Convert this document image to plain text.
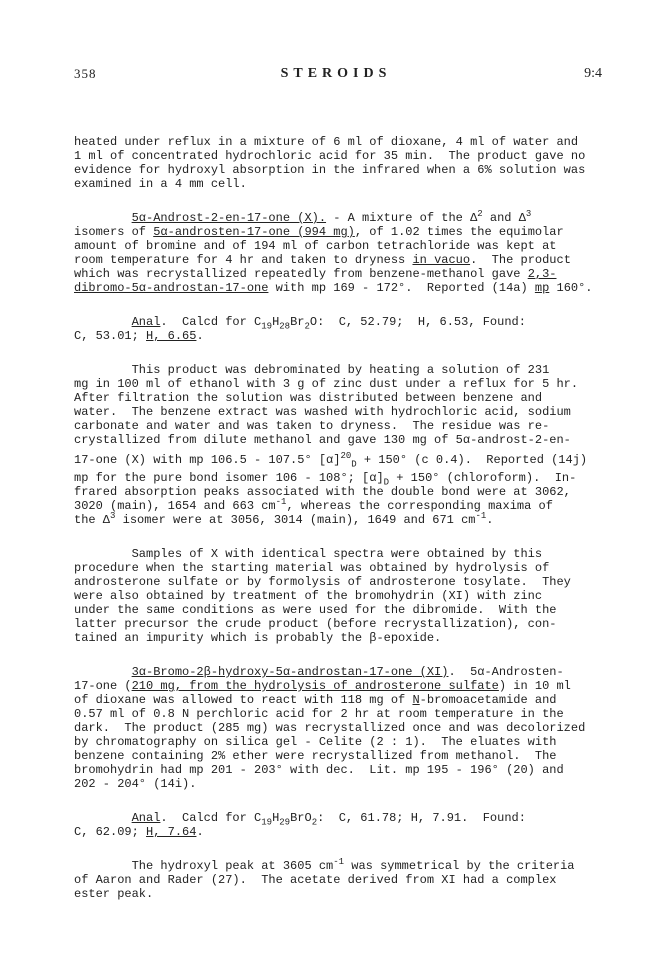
358	STEROIDS	9:4
heated under reflux in a mixture of 6 ml of dioxane, 4 ml of water and
1 ml of concentrated hydrochloric acid for 35 min.  The product gave no
evidence for hydroxyl absorption in the infrared when a 6% solution was
examined in a 4 mm cell.
5α-Androst-2-en-17-one (X). - A mixture of the $\Delta^2$ and $\Delta^3$
isomers of 5α-androsten-17-one (994 mg), of 1.02 times the equimolar
amount of bromine and of 194 ml of carbon tetrachloride was kept at
room temperature for 4 hr and taken to dryness in vacuo.  The product
which was recrystallized repeatedly from benzene-methanol gave 2,3-
dibromo-5α-androstan-17-one with mp 169 - 172°.  Reported (14a) mp 160°.
Anal.  Calcd for $C_{19}H_{28}Br_2O$:  C, 52.79;  H, 6.53, Found:
C, 53.01; H, 6.65.
This product was debrominated by heating a solution of 231
mg in 100 ml of ethanol with 3 g of zinc dust under a reflux for 5 hr.
After filtration the solution was distributed between benzene and
water.  The benzene extract was washed with hydrochloric acid, sodium
carbonate and water and was taken to dryness.  The residue was re-
crystallized from dilute methanol and gave 130 mg of 5α-androst-2-en-
17-one (X) with mp 106.5 - 107.5° $[\alpha]^{20}_D + 150^\circ$ (c 0.4).  Reported (14j)
mp for the pure bond isomer 106 - 108°; $[\alpha]_D + 150^\circ$ (chloroform).  In-
frared absorption peaks associated with the double bond were at 3062,
3020 (main), 1654 and 663 $cm^{-1}$, whereas the corresponding maxima of
the $\Delta^3$ isomer were at 3056, 3014 (main), 1649 and 671 $cm^{-1}$.
Samples of X with identical spectra were obtained by this
procedure when the starting material was obtained by hydrolysis of
androsterone sulfate or by formolysis of androsterone tosylate.  They
were also obtained by treatment of the bromohydrin (XI) with zinc
under the same conditions as were used for the dibromide.  With the
latter precursor the crude product (before recrystallization), con-
tained an impurity which is probably the β-epoxide.
3α-Bromo-2β-hydroxy-5α-androstan-17-one (XI).  5α-Androsten-
17-one (210 mg, from the hydrolysis of androsterone sulfate) in 10 ml
of dioxane was allowed to react with 118 mg of N-bromoacetamide and
0.57 ml of 0.8 N perchloric acid for 2 hr at room temperature in the
dark.  The product (285 mg) was recrystallized once and was decolorized
by chromatography on silica gel - Celite (2 : 1).  The eluates with
benzene containing 2% ether were recrystallized from methanol.  The
bromohydrin had mp 201 - 203° with dec.  Lit. mp 195 - 196° (20) and
202 - 204° (14i).
Anal.  Calcd for $C_{19}H_{29}BrO_2$:  C, 61.78; H, 7.91.  Found:
C, 62.09; H, 7.64.
The hydroxyl peak at 3605 $cm^{-1}$ was symmetrical by the criteria
of Aaron and Rader (27).  The acetate derived from XI had a complex
ester peak.
